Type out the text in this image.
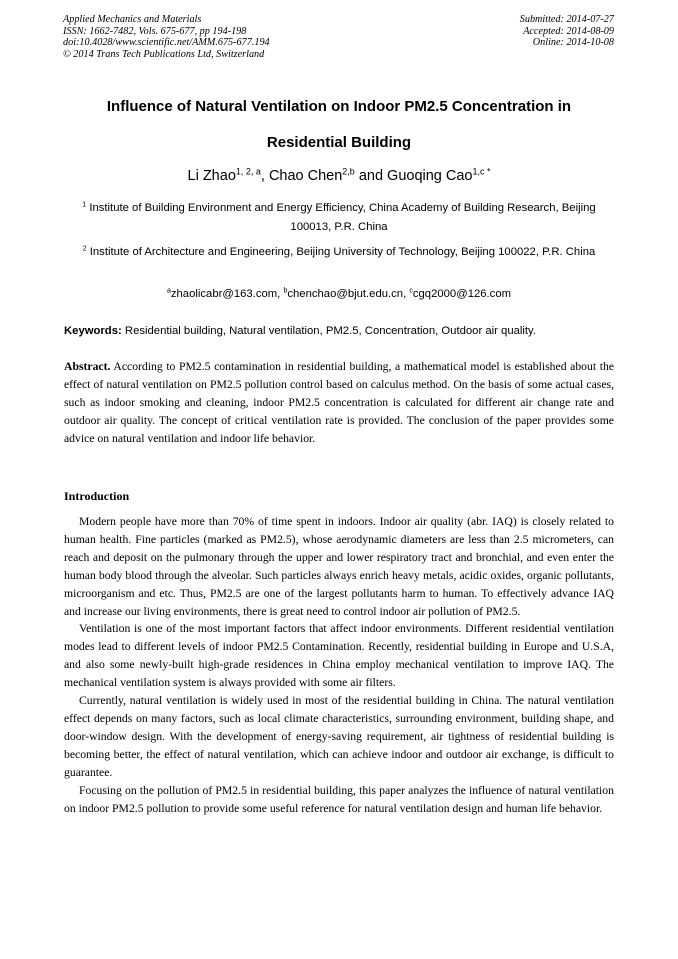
Applied Mechanics and Materials
ISSN: 1662-7482, Vols. 675-677, pp 194-198
doi:10.4028/www.scientific.net/AMM.675-677.194
© 2014 Trans Tech Publications Ltd, Switzerland
Submitted: 2014-07-27
Accepted: 2014-08-09
Online: 2014-10-08
Influence of Natural Ventilation on Indoor PM2.5 Concentration in
Residential Building
Li Zhao$^{1, 2, a}$, Chao Chen$^{2,b}$ and Guoqing Cao$^{1,c *}$
$^1$ Institute of Building Environment and Energy Efficiency, China Academy of Building Research, Beijing 100013, P.R. China
$^2$ Institute of Architecture and Engineering, Beijing University of Technology, Beijing 100022, P.R. China
$^a$zhaolicabr@163.com, $^b$chenchao@bjut.edu.cn, $^c$cgq2000@126.com
Keywords: Residential building, Natural ventilation, PM2.5, Concentration, Outdoor air quality.

Abstract. According to PM2.5 contamination in residential building, a mathematical model is established about the effect of natural ventilation on PM2.5 pollution control based on calculus method. On the basis of some actual cases, such as indoor smoking and cleaning, indoor PM2.5 concentration is calculated for different air change rate and outdoor air quality. The concept of critical ventilation rate is provided. The conclusion of the paper provides some advice on natural ventilation and indoor life behavior.

Introduction

Modern people have more than 70% of time spent in indoors. Indoor air quality (abr. IAQ) is closely related to human health. Fine particles (marked as PM2.5), whose aerodynamic diameters are less than 2.5 micrometers, can reach and deposit on the pulmonary through the upper and lower respiratory tract and bronchial, and even enter the human body blood through the alveolar. Such particles always enrich heavy metals, acidic oxides, organic pollutants, microorganism and etc. Thus, PM2.5 are one of the largest pollutants harm to human. To effectively advance IAQ and increase our living environments, there is great need to control indoor air pollution of PM2.5.

Ventilation is one of the most important factors that affect indoor environments. Different residential ventilation modes lead to different levels of indoor PM2.5 Contamination. Recently, residential building in Europe and U.S.A, and also some newly-built high-grade residences in China employ mechanical ventilation to improve IAQ. The mechanical ventilation system is always provided with some air filters.

Currently, natural ventilation is widely used in most of the residential building in China. The natural ventilation effect depends on many factors, such as local climate characteristics, surrounding environment, building shape, and door-window design. With the development of energy-saving requirement, air tightness of residential building is becoming better, the effect of natural ventilation, which can achieve indoor and outdoor air exchange, is difficult to guarantee.

Focusing on the pollution of PM2.5 in residential building, this paper analyzes the influence of natural ventilation on indoor PM2.5 pollution to provide some useful reference for natural ventilation design and human life behavior.
